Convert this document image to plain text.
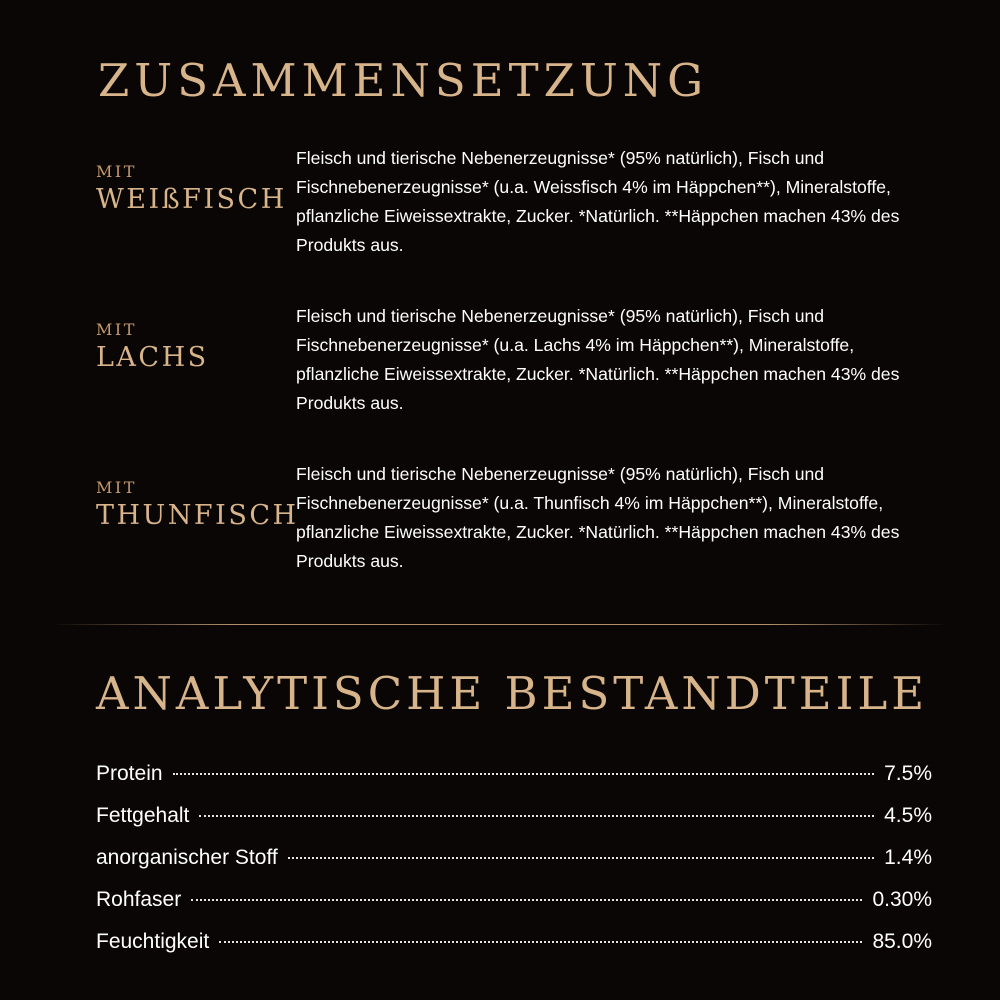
ZUSAMMENSETZUNG
MIT
WEIßFISCH

Fleisch und tierische Nebenerzeugnisse* (95% natürlich), Fisch und Fischnebenerzeugnisse* (u.a. Weissfisch 4% im Häppchen**), Mineralstoffe, pflanzliche Eiweissextrakte, Zucker. *Natürlich. **Häppchen machen 43% des Produkts aus.

MIT
LACHS

Fleisch und tierische Nebenerzeugnisse* (95% natürlich), Fisch und Fischnebenerzeugnisse* (u.a. Lachs 4% im Häppchen**), Mineralstoffe, pflanzliche Eiweissextrakte, Zucker. *Natürlich. **Häppchen machen 43% des Produkts aus.

MIT
THUNFISCH

Fleisch und tierische Nebenerzeugnisse* (95% natürlich), Fisch und Fischnebenerzeugnisse* (u.a. Thunfisch 4% im Häppchen**), Mineralstoffe, pflanzliche Eiweissextrakte, Zucker. *Natürlich. **Häppchen machen 43% des Produkts aus.

ANALYTISCHE BESTANDTEILE
Protein	7.5%
Fettgehalt	4.5%
anorganischer Stoff	1.4%
Rohfaser	0.30%
Feuchtigkeit	85.0%
